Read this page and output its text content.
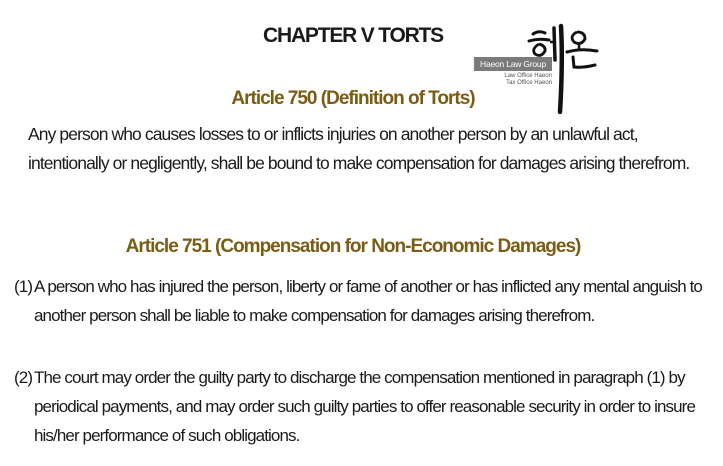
CHAPTER V TORTS
Haeon Law Group
Law Office Haeon
Tax Office Haeon
Article 750 (Definition of Torts)

Any person who causes losses to or inflicts injuries on another person by an unlawful act, intentionally or negligently, shall be bound to make compensation for damages arising therefrom.

Article 751 (Compensation for Non-Economic Damages)
(1) A person who has injured the person, liberty or fame of another or has inflicted any mental anguish to another person shall be liable to make compensation for damages arising therefrom.
(2) The court may order the guilty party to discharge the compensation mentioned in paragraph (1) by periodical payments, and may order such guilty parties to offer reasonable security in order to insure his/her performance of such obligations.
